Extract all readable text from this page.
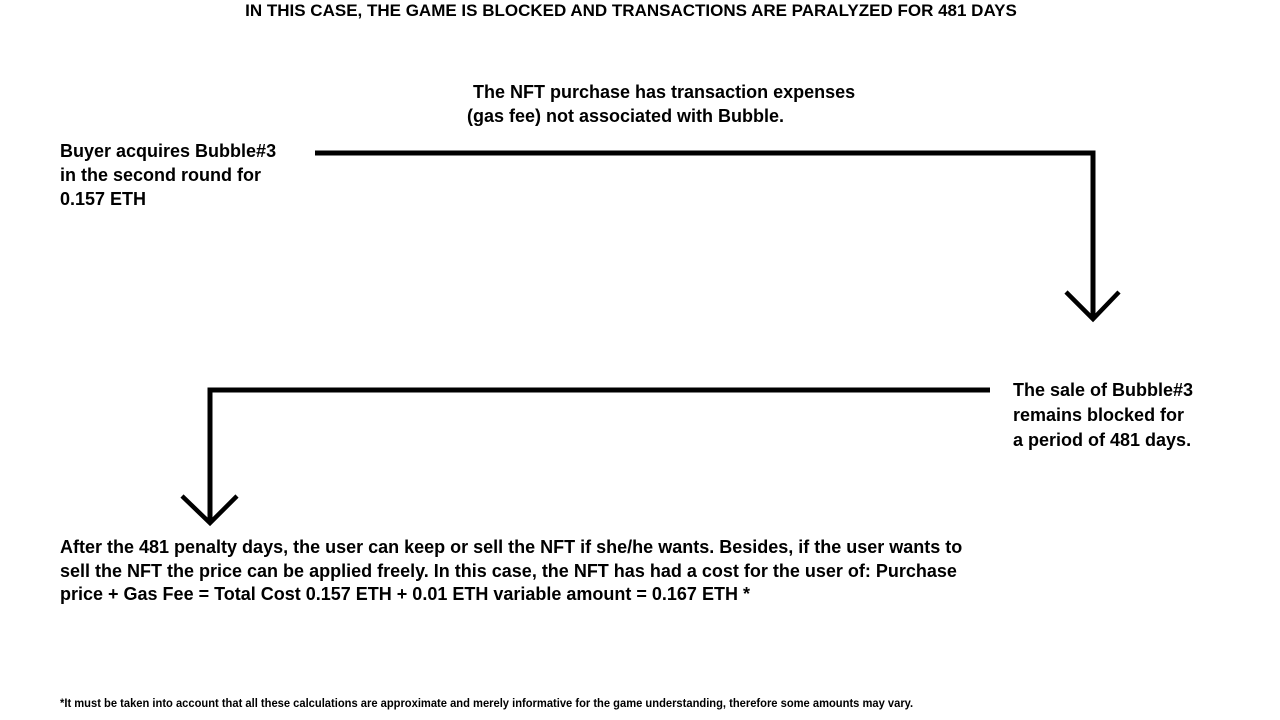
IN THIS CASE, THE GAME IS BLOCKED AND TRANSACTIONS ARE PARALYZED FOR 481 DAYS
The NFT purchase has transaction expenses
(gas fee) not associated with Bubble.
Buyer acquires Bubble#3
in the second round for
0.157 ETH
The sale of Bubble#3
remains blocked for
a period of 481 days.
After the 481 penalty days, the user can keep or sell the NFT if she/he wants. Besides, if the user wants to
sell the NFT the price can be applied freely. In this case, the NFT has had a cost for the user of: Purchase
price + Gas Fee = Total Cost 0.157 ETH + 0.01 ETH variable amount = 0.167 ETH *
*It must be taken into account that all these calculations are approximate and merely informative for the game understanding, therefore some amounts may vary.
